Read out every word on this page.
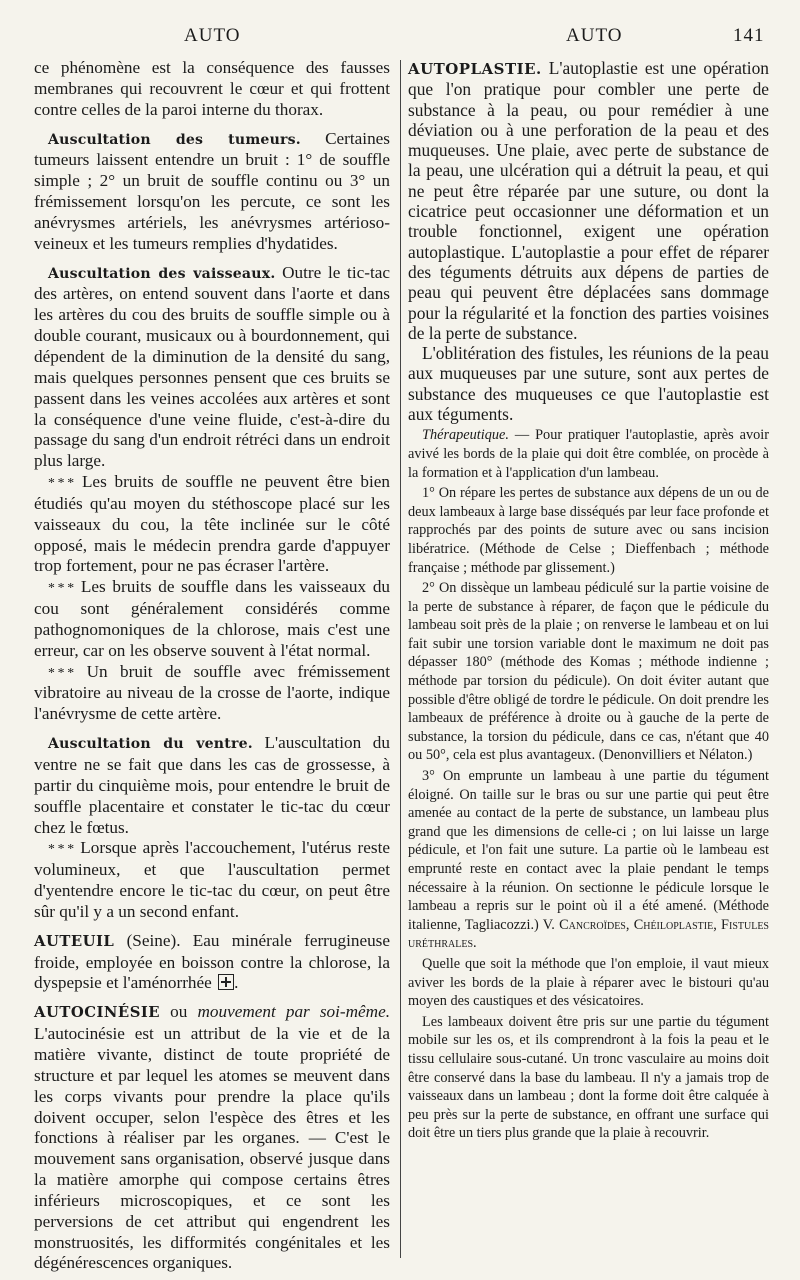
AUTO	AUTO	141

ce phénomène est la conséquence des fausses membranes qui recouvrent le cœur et qui frottent contre celles de la paroi interne du thorax.

Auscultation des tumeurs. Certaines tumeurs laissent entendre un bruit : 1° de souffle simple ; 2° un bruit de souffle continu ou 3° un frémissement lorsqu'on les percute, ce sont les anévrysmes artériels, les anévrysmes artérioso-veineux et les tumeurs remplies d'hydatides.

Auscultation des vaisseaux. Outre le tic-tac des artères, on entend souvent dans l'aorte et dans les artères du cou des bruits de souffle simple ou à double courant, musicaux ou à bourdonnement, qui dépendent de la diminution de la densité du sang, mais quelques personnes pensent que ces bruits se passent dans les veines accolées aux artères et sont la conséquence d'une veine fluide, c'est-à-dire du passage du sang d'un endroit rétréci dans un endroit plus large.

* * * Les bruits de souffle ne peuvent être bien étudiés qu'au moyen du stéthoscope placé sur les vaisseaux du cou, la tête inclinée sur le côté opposé, mais le médecin prendra garde d'appuyer trop fortement, pour ne pas écraser l'artère.

* * * Les bruits de souffle dans les vaisseaux du cou sont généralement considérés comme pathognomoniques de la chlorose, mais c'est une erreur, car on les observe souvent à l'état normal.

* * * Un bruit de souffle avec frémissement vibratoire au niveau de la crosse de l'aorte, indique l'anévrysme de cette artère.

Auscultation du ventre. L'auscultation du ventre ne se fait que dans les cas de grossesse, à partir du cinquième mois, pour entendre le bruit de souffle placentaire et constater le tic-tac du cœur chez le fœtus.

* * * Lorsque après l'accouchement, l'utérus reste volumineux, et que l'auscultation permet d'yentendre encore le tic-tac du cœur, on peut être sûr qu'il y a un second enfant.

AUTEUIL (Seine). Eau minérale ferrugineuse froide, employée en boisson contre la chlorose, la dyspepsie et l'aménorrhée .

AUTOCINÉSIE ou mouvement par soi-même. L'autocinésie est un attribut de la vie et de la matière vivante, distinct de toute propriété de structure et par lequel les atomes se meuvent dans les corps vivants pour prendre la place qu'ils doivent occuper, selon l'espèce des êtres et les fonctions à réaliser par les organes. — C'est le mouvement sans organisation, observé jusque dans la matière amorphe qui compose certains êtres inférieurs microscopiques, et ce sont les perversions de cet attribut qui engendrent les monstruosités, les difformités congénitales et les dégénérescences organiques.

AUTOPLASTIE. L'autoplastie est une opération que l'on pratique pour combler une perte de substance à la peau, ou pour remédier à une déviation ou à une perforation de la peau et des muqueuses. Une plaie, avec perte de substance de la peau, une ulcération qui a détruit la peau, et qui ne peut être réparée par une suture, ou dont la cicatrice peut occasionner une déformation et un trouble fonctionnel, exigent une opération autoplastique. L'autoplastie a pour effet de réparer des téguments détruits aux dépens de parties de peau qui peuvent être déplacées sans dommage pour la régularité et la fonction des parties voisines de la perte de substance.

L'oblitération des fistules, les réunions de la peau aux muqueuses par une suture, sont aux pertes de substance des muqueuses ce que l'autoplastie est aux téguments.

Thérapeutique. — Pour pratiquer l'autoplastie, après avoir avivé les bords de la plaie qui doit être comblée, on procède à la formation et à l'application d'un lambeau.

1° On répare les pertes de substance aux dépens de un ou de deux lambeaux à large base disséqués par leur face profonde et rapprochés par des points de suture avec ou sans incision libératrice. (Méthode de Celse ; Dieffenbach ; méthode française ; méthode par glissement.)

2° On dissèque un lambeau pédiculé sur la partie voisine de la perte de substance à réparer, de façon que le pédicule du lambeau soit près de la plaie ; on renverse le lambeau et on lui fait subir une torsion variable dont le maximum ne doit pas dépasser 180° (méthode des Komas ; méthode indienne ; méthode par torsion du pédicule). On doit éviter autant que possible d'être obligé de tordre le pédicule. On doit prendre les lambeaux de préférence à droite ou à gauche de la perte de substance, la torsion du pédicule, dans ce cas, n'étant que 40 ou 50°, cela est plus avantageux. (Denonvilliers et Nélaton.)

3° On emprunte un lambeau à une partie du tégument éloigné. On taille sur le bras ou sur une partie qui peut être amenée au contact de la perte de substance, un lambeau plus grand que les dimensions de celle-ci ; on lui laisse un large pédicule, et l'on fait une suture. La partie où le lambeau est emprunté reste en contact avec la plaie pendant le temps nécessaire à la réunion. On sectionne le pédicule lorsque le lambeau a repris sur le point où il a été amené. (Méthode italienne, Tagliacozzi.) V. Cancroïdes, Chéiloplastie, Fistules uréthrales.

Quelle que soit la méthode que l'on emploie, il vaut mieux aviver les bords de la plaie à réparer avec le bistouri qu'au moyen des caustiques et des vésicatoires.

Les lambeaux doivent être pris sur une partie du tégument mobile sur les os, et ils comprendront à la fois la peau et le tissu cellulaire sous-cutané. Un tronc vasculaire au moins doit être conservé dans la base du lambeau. Il n'y a jamais trop de vaisseaux dans un lambeau ; dont la forme doit être calquée à peu près sur la perte de substance, en offrant une surface qui doit être un tiers plus grande que la plaie à recouvrir.
